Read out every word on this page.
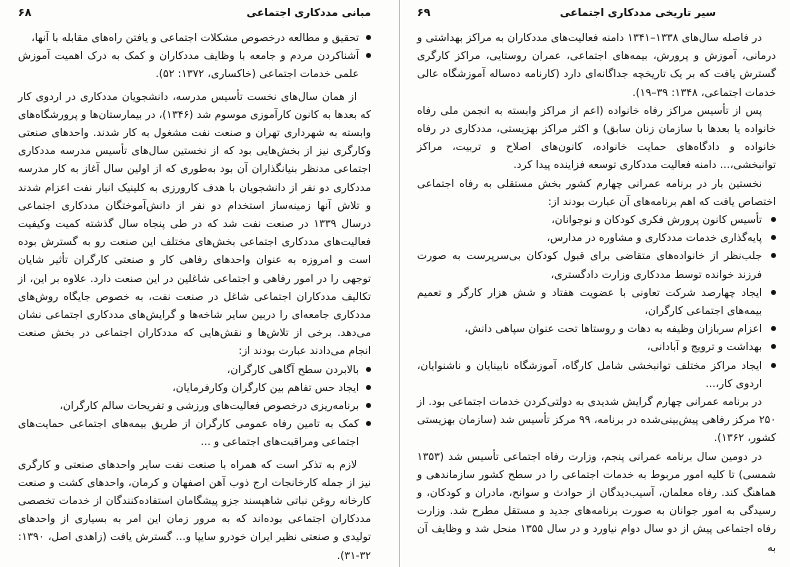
۶۸	مبانی مددکاری اجتماعی
تحقیق و مطالعه درخصوص مشکلات اجتماعی و یافتن راه‌های مقابله با آنها،
آشناکردن مردم و جامعه با وظایف مددکاران و کمک به درک اهمیت آموزش علمی خدمات اجتماعی (خاکساری، ۱۳۷۲: ۵۲).

از همان سال‌های نخست تأسیس مدرسه، دانشجویان مددکاری در اردوی کار که بعدها به کانون کارآموزی موسوم شد (۱۳۴۶)، در بیمارستان‌ها و پرورشگاه‌های وابسته به شهرداری تهران و صنعت نفت مشغول به کار شدند. واحدهای صنعتی وکارگری نیز از بخش‌هایی بود که از نخستین سال‌های تأسیس مدرسه مددکاری اجتماعی مدنظر بنیانگذاران آن بود به‌طوری که از اولین سال آغاز به کار مدرسه مددکاری دو نفر از دانشجویان با هدف کارورزی به کلینیک انبار نفت اعزام شدند و تلاش آنها زمینه‌ساز استخدام دو نفر از دانش‌آموختگان مددکاری اجتماعی درسال ۱۳۳۹ در صنعت نفت شد که در طی پنجاه سال گذشته کمیت وکیفیت فعالیت‌های مددکاری اجتماعی بخش‌های مختلف این صنعت رو به گسترش بوده است و امروزه به عنوان واحدهای رفاهی کار و صنعتی کارگران تأثیر شایان توجهی را در امور رفاهی و اجتماعی شاغلین در این صنعت دارد. علاوه بر این، از تکالیف مددکاران اجتماعی شاغل در صنعت نفت، به خصوص جایگاه روش‌های مددکاری جامعه‌ای را دربین سایر شاخه‌ها و گرایش‌های مددکاری اجتماعی نشان می‌دهد. برخی از تلاش‌ها و نقش‌هایی که مددکاران اجتماعی در بخش صنعت انجام می‌دادند عبارت بودند از:

بالابردن سطح آگاهی کارگران،
ایجاد حس تفاهم بین کارگران وکارفرمایان،
برنامه‌ریزی درخصوص فعالیت‌های ورزشی و تفریحات سالم کارگران،
کمک به تامین رفاه عمومی کارگران از طریق بیمه‌های اجتماعی حمایت‌های اجتماعی ومراقبت‌های اجتماعی و ...

لازم به تذکر است که همراه با صنعت نفت سایر واحدهای صنعتی و کارگری نیز از جمله کارخانجات ارج ذوب آهن اصفهان و کرمان، واحدهای کشت و صنعت کارخانه روغن نباتی شاهپسند جزو پیشگامان استفاده‌کنندگان از خدمات تخصصی مددکاران اجتماعی بوده‌اند که به مرور زمان این امر به بسیاری از واحدهای تولیدی و صنعتی نظیر ایران خودرو سایپا و... گسترش یافت (زاهدی اصل، ۱۳۹۰: ۳۲-۳۱).

سیر تاریخی مددکاری اجتماعی
۶۹

در فاصله سال‌های ۱۳۳۸–۱۳۴۱ دامنه فعالیت‌های مددکاران به مراکز بهداشتی و درمانی، آموزش و پرورش، بیمه‌های اجتماعی، عمران روستایی، مراکز کارگری گسترش یافت که بر یک تاریخچه جداگانه‌ای دارد (کارنامه ده‌ساله آموزشگاه عالی خدمات اجتماعی، ۱۳۴۸: ۳۹–۱۹).

پس از تأسیس مراکز رفاه خانواده (اعم از مراکز وابسته به انجمن ملی رفاه خانواده یا بعدها با سازمان زنان سابق) و اکثر مراکز بهزیستی، مددکاری در رفاه خانواده و دادگاه‌های حمایت خانواده، کانون‌های اصلاح و تربیت، مراکز توانبخشی،... دامنه فعالیت مددکاری توسعه فزاینده پیدا کرد.

نخستین بار در برنامه عمرانی چهارم کشور بخش مستقلی به رفاه اجتماعی اختصاص یافت که اهم برنامه‌های آن عبارت بودند از:

تأسیس کانون پرورش فکری کودکان و نوجوانان،
پایه‌گذاری خدمات مددکاری و مشاوره در مدارس،
جلب‌نظر از خانواده‌های متقاضی برای قبول کودکان بی‌سرپرست به صورت فرزند خوانده توسط مددکاری وزارت دادگستری،
ایجاد چهارصد شرکت تعاونی با عضویت هفتاد و شش هزار کارگر و تعمیم بیمه‌های اجتماعی کارگران،
اعزام سربازان وظیفه به دهات و روستاها تحت عنوان سپاهی دانش،
بهداشت و ترویج و آبادانی،
ایجاد مراکز مختلف توانبخشی شامل کارگاه، آموزشگاه نابینایان و ناشنوایان، اردوی کار،...

در برنامه عمرانی چهارم گرایش شدیدی به دولتی‌کردن خدمات اجتماعی بود. از ۲۵۰ مرکز رفاهی پیش‌بینی‌شده در برنامه، ۹۹ مرکز تأسیس شد (سازمان بهزیستی کشور، ۱۳۶۲).

در دومین سال برنامه عمرانی پنجم، وزارت رفاه اجتماعی تأسیس شد (۱۳۵۳ شمسی) تا کلیه امور مربوط به خدمات اجتماعی را در سطح کشور سازماندهی و هماهنگ کند. رفاه معلمان، آسیب‌دیدگان از حوادث و سوانح، مادران و کودکان، و رسیدگی به امور جوانان به صورت برنامه‌های جدید و مستقل مطرح شد. وزارت رفاه اجتماعی پیش از دو سال دوام نیاورد و در سال ۱۳۵۵ منحل شد و وظایف آن به
